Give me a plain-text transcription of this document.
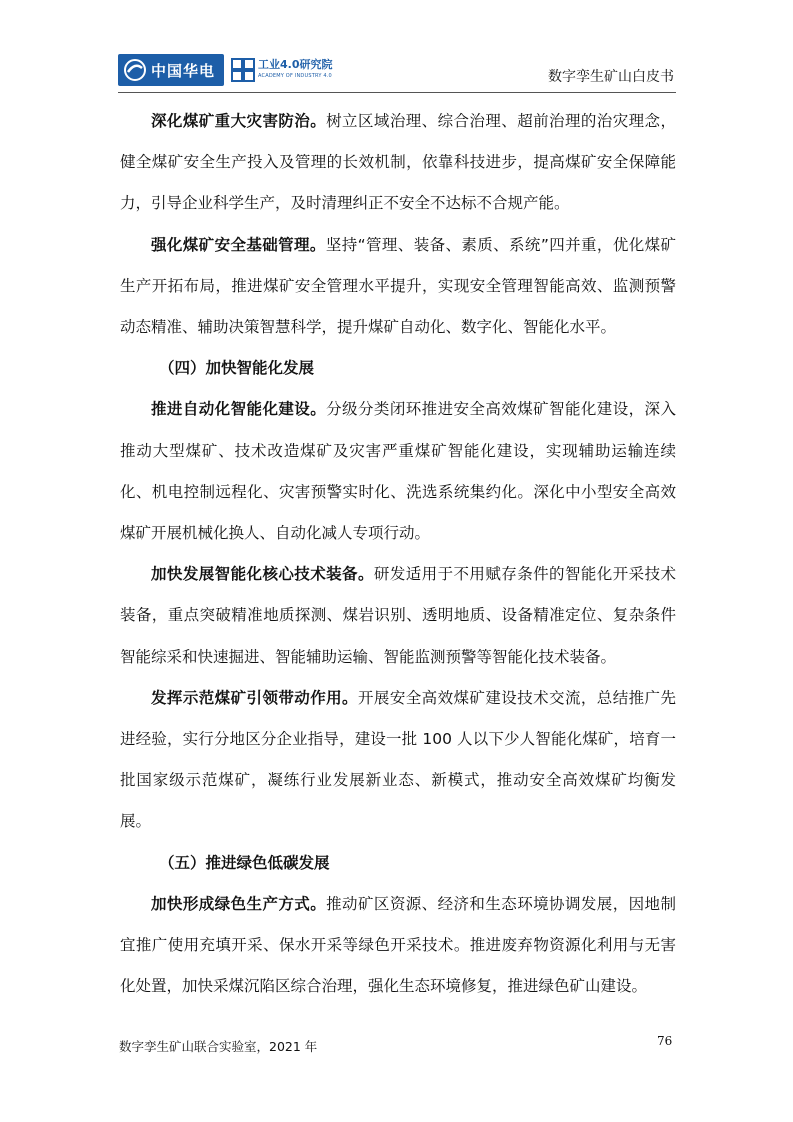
中国华电	工业4.0研究院
ACADEMY OF INDUSTRY 4.0	数字孪生矿山白皮书

深化煤矿重大灾害防治。树立区域治理、综合治理、超前治理的治灾理念，健全煤矿安全生产投入及管理的长效机制，依靠科技进步，提高煤矿安全保障能力，引导企业科学生产，及时清理纠正不安全不达标不合规产能。

强化煤矿安全基础管理。坚持“管理、装备、素质、系统”四并重，优化煤矿生产开拓布局，推进煤矿安全管理水平提升，实现安全管理智能高效、监测预警动态精准、辅助决策智慧科学，提升煤矿自动化、数字化、智能化水平。

（四）加快智能化发展

推进自动化智能化建设。分级分类闭环推进安全高效煤矿智能化建设，深入推动大型煤矿、技术改造煤矿及灾害严重煤矿智能化建设，实现辅助运输连续化、机电控制远程化、灾害预警实时化、洗选系统集约化。深化中小型安全高效煤矿开展机械化换人、自动化减人专项行动。

加快发展智能化核心技术装备。研发适用于不用赋存条件的智能化开采技术装备，重点突破精准地质探测、煤岩识别、透明地质、设备精准定位、复杂条件智能综采和快速掘进、智能辅助运输、智能监测预警等智能化技术装备。

发挥示范煤矿引领带动作用。开展安全高效煤矿建设技术交流，总结推广先进经验，实行分地区分企业指导，建设一批 100 人以下少人智能化煤矿，培育一批国家级示范煤矿，凝练行业发展新业态、新模式，推动安全高效煤矿均衡发展。

（五）推进绿色低碳发展

加快形成绿色生产方式。推动矿区资源、经济和生态环境协调发展，因地制宜推广使用充填开采、保水开采等绿色开采技术。推进废弃物资源化利用与无害化处置，加快采煤沉陷区综合治理，强化生态环境修复，推进绿色矿山建设。

数字孪生矿山联合实验室，2021 年	76
